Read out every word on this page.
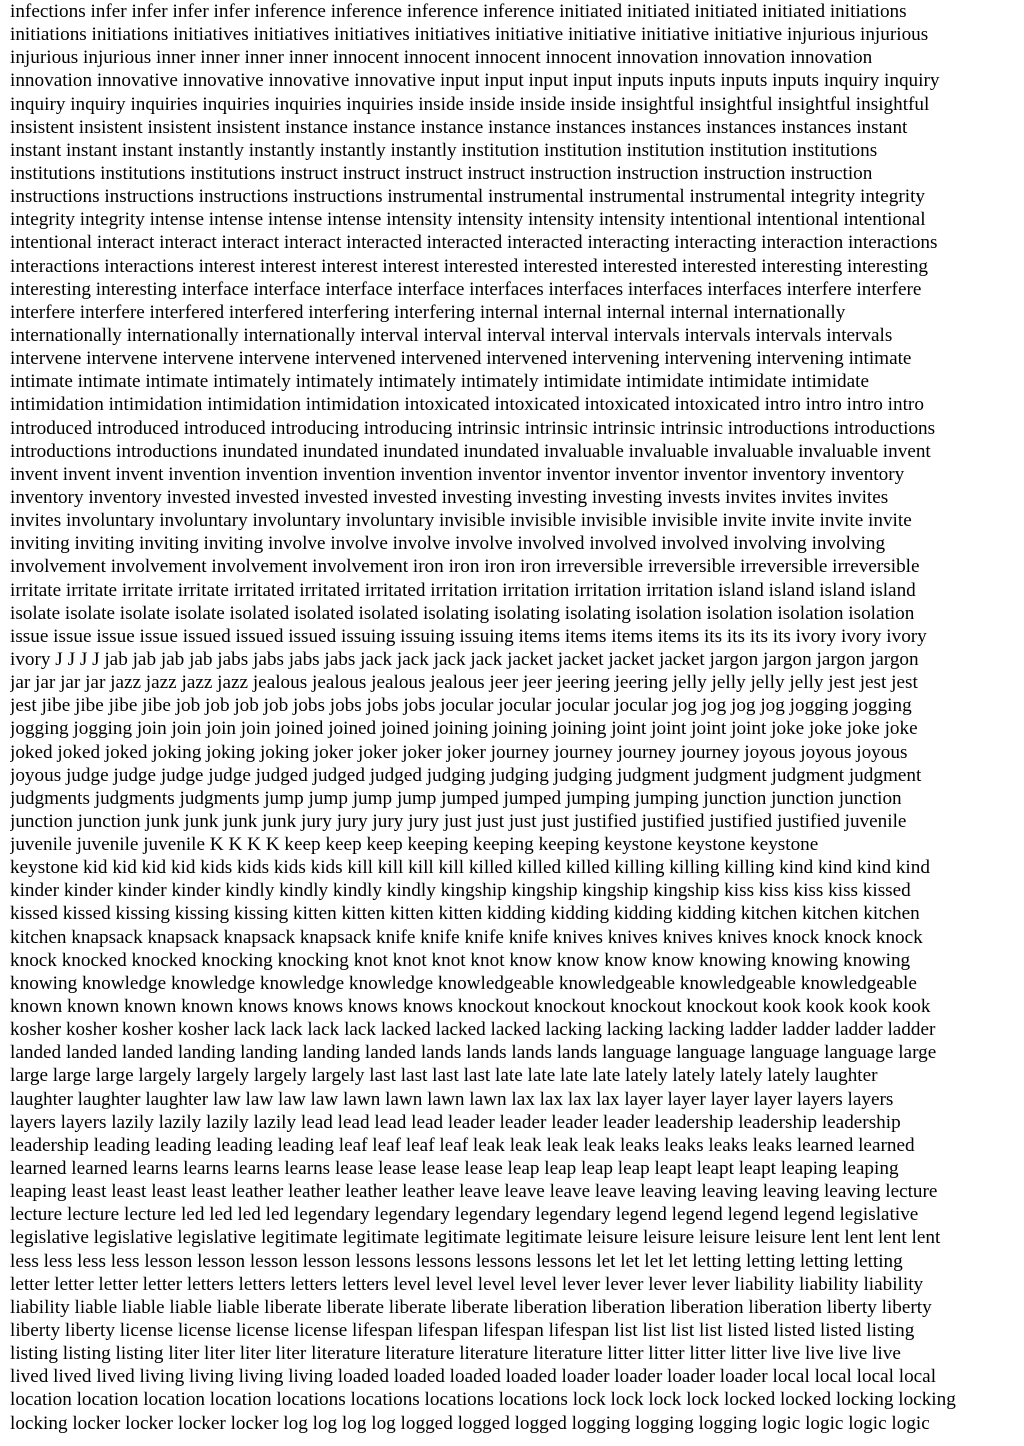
infections infer infer infer infer inference inference inference inference initiated initiated initiated initiated initiations
initiations initiations initiatives initiatives initiatives initiatives initiative initiative initiative initiative injurious injurious
injurious injurious inner inner inner inner innocent innocent innocent innocent innovation innovation innovation
innovation innovative innovative innovative innovative input input input input inputs inputs inputs inputs inquiry inquiry
inquiry inquiry inquiries inquiries inquiries inquiries inside inside inside inside insightful insightful insightful insightful
insistent insistent insistent insistent instance instance instance instance instances instances instances instances instant
instant instant instant instantly instantly instantly instantly institution institution institution institution institutions
institutions institutions institutions instruct instruct instruct instruct instruction instruction instruction instruction
instructions instructions instructions instructions instrumental instrumental instrumental instrumental integrity integrity
integrity integrity intense intense intense intense intensity intensity intensity intensity intentional intentional intentional
intentional interact interact interact interact interacted interacted interacted interacting interacting interaction interactions
interactions interactions interest interest interest interest interested interested interested interested interesting interesting
interesting interesting interface interface interface interface interfaces interfaces interfaces interfaces interfere interfere
interfere interfere interfered interfered interfering interfering internal internal internal internal internationally
internationally internationally internationally interval interval interval interval intervals intervals intervals intervals
intervene intervene intervene intervene intervened intervened intervened intervening intervening intervening intimate
intimate intimate intimate intimately intimately intimately intimately intimidate intimidate intimidate intimidate
intimidation intimidation intimidation intimidation intoxicated intoxicated intoxicated intoxicated intro intro intro intro
introduced introduced introduced introducing introducing intrinsic intrinsic intrinsic intrinsic introductions introductions
introductions introductions inundated inundated inundated inundated invaluable invaluable invaluable invaluable invent
invent invent invent invention invention invention invention inventor inventor inventor inventor inventory inventory
inventory inventory invested invested invested invested investing investing investing invests invites invites invites
invites involuntary involuntary involuntary involuntary invisible invisible invisible invisible invite invite invite invite
inviting inviting inviting inviting involve involve involve involve involved involved involved involving involving
involvement involvement involvement involvement iron iron iron iron irreversible irreversible irreversible irreversible
irritate irritate irritate irritate irritated irritated irritated irritation irritation irritation irritation island island island island
isolate isolate isolate isolate isolated isolated isolated isolating isolating isolating isolation isolation isolation isolation
issue issue issue issue issued issued issued issuing issuing issuing items items items items its its its its ivory ivory ivory
ivory J J J J jab jab jab jab jabs jabs jabs jabs jack jack jack jack jacket jacket jacket jacket jargon jargon jargon jargon
jar jar jar jar jazz jazz jazz jazz jealous jealous jealous jealous jeer jeer jeering jeering jelly jelly jelly jelly jest jest jest
jest jibe jibe jibe jibe job job job job jobs jobs jobs jobs jocular jocular jocular jocular jog jog jog jog jogging jogging
jogging jogging join join join join joined joined joined joining joining joining joint joint joint joint joke joke joke joke
joked joked joked joking joking joking joker joker joker joker journey journey journey journey joyous joyous joyous
joyous judge judge judge judge judged judged judged judging judging judging judgment judgment judgment judgment
judgments judgments judgments jump jump jump jump jumped jumped jumping jumping junction junction junction
junction junction junk junk junk junk jury jury jury jury just just just just justified justified justified justified juvenile
juvenile juvenile juvenile K K K K keep keep keep keeping keeping keeping keystone keystone keystone
keystone kid kid kid kid kids kids kids kids kill kill kill kill killed killed killed killing killing killing kind kind kind kind
kinder kinder kinder kinder kindly kindly kindly kindly kingship kingship kingship kingship kiss kiss kiss kiss kissed
kissed kissed kissing kissing kissing kitten kitten kitten kitten kidding kidding kidding kidding kitchen kitchen kitchen
kitchen knapsack knapsack knapsack knapsack knife knife knife knife knives knives knives knives knock knock knock
knock knocked knocked knocking knocking knot knot knot knot know know know know knowing knowing knowing
knowing knowledge knowledge knowledge knowledge knowledgeable knowledgeable knowledgeable knowledgeable
known known known known knows knows knows knows knockout knockout knockout knockout kook kook kook kook
kosher kosher kosher kosher lack lack lack lack lacked lacked lacked lacking lacking lacking ladder ladder ladder ladder
landed landed landed landing landing landing landed lands lands lands lands language language language language large
large large large largely largely largely largely last last last last late late late late lately lately lately lately laughter
laughter laughter laughter law law law law lawn lawn lawn lawn lax lax lax lax layer layer layer layer layers layers
layers layers lazily lazily lazily lazily lead lead lead lead leader leader leader leader leadership leadership leadership
leadership leading leading leading leading leaf leaf leaf leaf leak leak leak leak leaks leaks leaks leaks learned learned
learned learned learns learns learns learns lease lease lease lease leap leap leap leap leapt leapt leapt leaping leaping
leaping least least least least leather leather leather leather leave leave leave leave leaving leaving leaving leaving lecture
lecture lecture lecture led led led led legendary legendary legendary legendary legend legend legend legend legislative
legislative legislative legislative legitimate legitimate legitimate legitimate leisure leisure leisure leisure lent lent lent lent
less less less less lesson lesson lesson lesson lessons lessons lessons lessons let let let let letting letting letting letting
letter letter letter letter letters letters letters letters level level level level lever lever lever lever liability liability liability
liability liable liable liable liable liberate liberate liberate liberate liberation liberation liberation liberation liberty liberty
liberty liberty license license license license lifespan lifespan lifespan lifespan list list list list listed listed listed listing
listing listing listing liter liter liter liter literature literature literature literature litter litter litter litter live live live live
lived lived lived living living living living loaded loaded loaded loaded loader loader loader loader local local local local
location location location location locations locations locations locations lock lock lock lock locked locked locking locking
locking locker locker locker locker log log log log logged logged logged logging logging logging logic logic logic logic
